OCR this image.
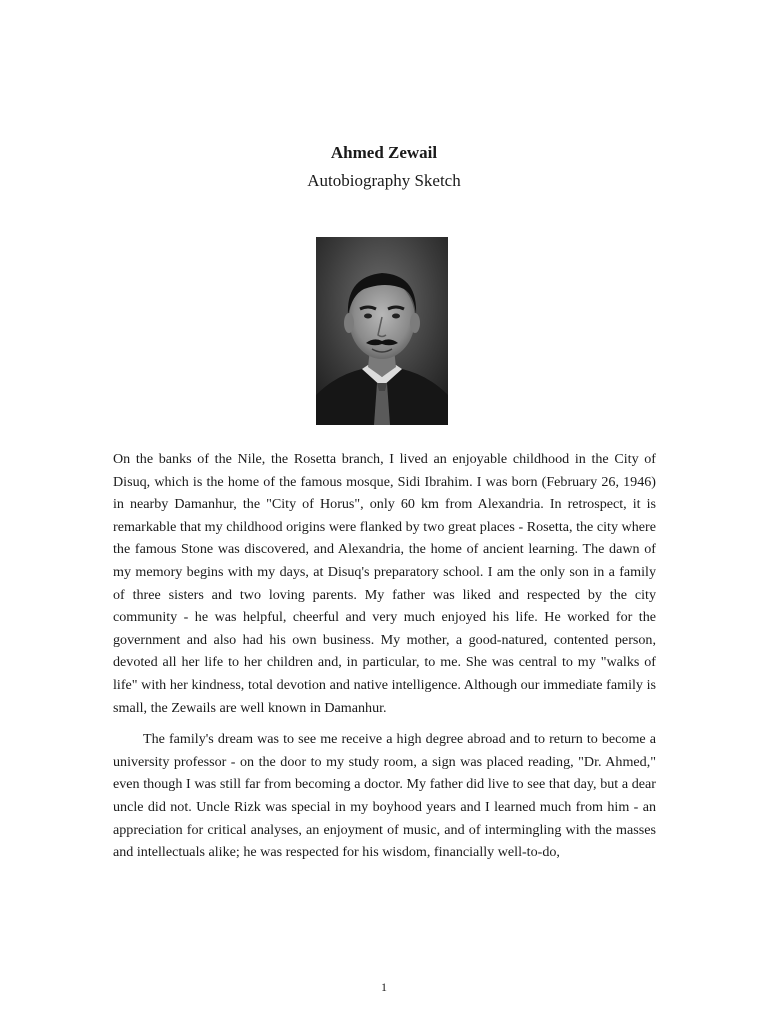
Ahmed Zewail
Autobiography Sketch

On the banks of the Nile, the Rosetta branch, I lived an enjoyable childhood in the City of Disuq, which is the home of the famous mosque, Sidi Ibrahim. I was born (February 26, 1946) in nearby Damanhur, the "City of Horus", only 60 km from Alexandria. In retrospect, it is remarkable that my childhood origins were flanked by two great places - Rosetta, the city where the famous Stone was discovered, and Alexandria, the home of ancient learning. The dawn of my memory begins with my days, at Disuq's preparatory school. I am the only son in a family of three sisters and two loving parents. My father was liked and respected by the city community - he was helpful, cheerful and very much enjoyed his life. He worked for the government and also had his own business. My mother, a good-natured, contented person, devoted all her life to her children and, in particular, to me. She was central to my "walks of life" with her kindness, total devotion and native intelligence. Although our immediate family is small, the Zewails are well known in Damanhur.

The family's dream was to see me receive a high degree abroad and to return to become a university professor - on the door to my study room, a sign was placed reading, "Dr. Ahmed," even though I was still far from becoming a doctor. My father did live to see that day, but a dear uncle did not. Uncle Rizk was special in my boyhood years and I learned much from him - an appreciation for critical analyses, an enjoyment of music, and of intermingling with the masses and intellectuals alike; he was respected for his wisdom, financially well-to-do,

1
